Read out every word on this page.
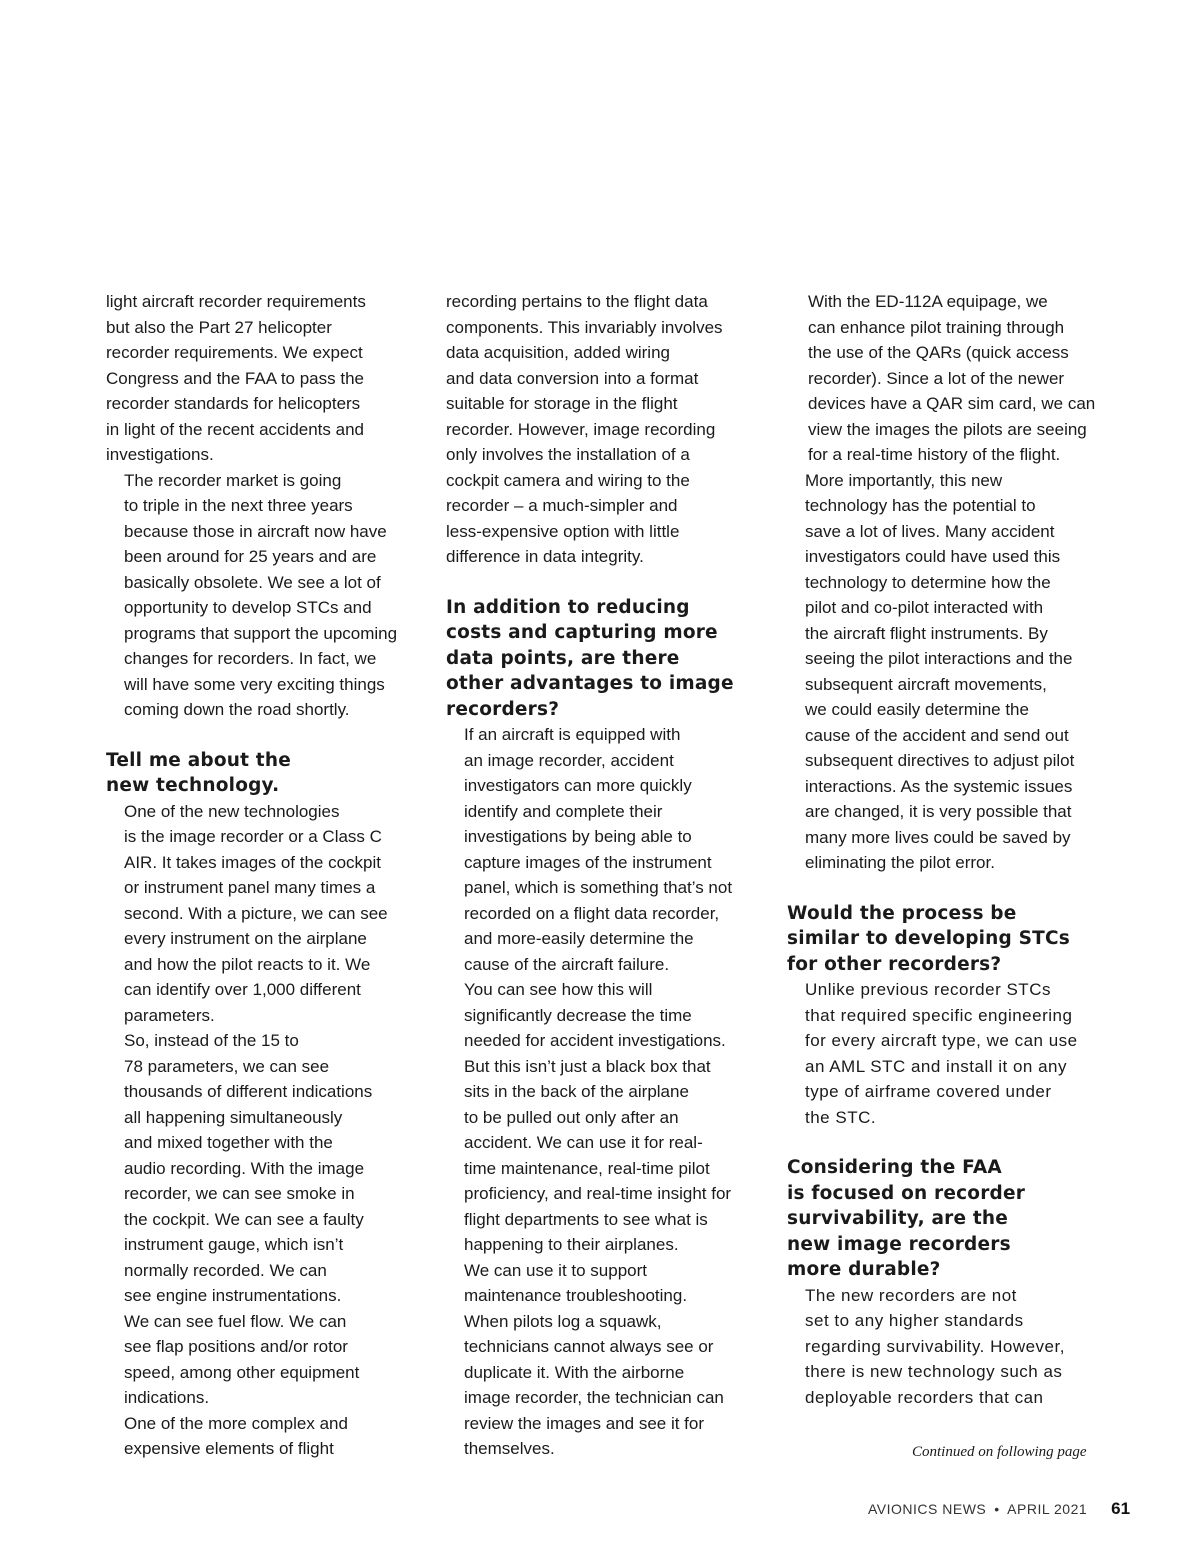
light aircraft recorder requirements
but also the Part 27 helicopter
recorder requirements. We expect
Congress and the FAA to pass the
recorder standards for helicopters
in light of the recent accidents and
investigations.

The recorder market is going
to triple in the next three years
because those in aircraft now have
been around for 25 years and are
basically obsolete. We see a lot of
opportunity to develop STCs and
programs that support the upcoming
changes for recorders. In fact, we
will have some very exciting things
coming down the road shortly.

Tell me about the
new technology.

One of the new technologies
is the image recorder or a Class C
AIR. It takes images of the cockpit
or instrument panel many times a
second. With a picture, we can see
every instrument on the airplane
and how the pilot reacts to it. We
can identify over 1,000 different
parameters.

So, instead of the 15 to
78 parameters, we can see
thousands of different indications
all happening simultaneously
and mixed together with the
audio recording. With the image
recorder, we can see smoke in
the cockpit. We can see a faulty
instrument gauge, which isn’t
normally recorded. We can
see engine instrumentations.
We can see fuel flow. We can
see flap positions and/or rotor
speed, among other equipment
indications.

One of the more complex and
expensive elements of flight

recording pertains to the flight data
components. This invariably involves
data acquisition, added wiring
and data conversion into a format
suitable for storage in the flight
recorder. However, image recording
only involves the installation of a
cockpit camera and wiring to the
recorder – a much-simpler and
less-expensive option with little
difference in data integrity.

In addition to reducing
costs and capturing more
data points, are there
other advantages to image
recorders?

If an aircraft is equipped with
an image recorder, accident
investigators can more quickly
identify and complete their
investigations by being able to
capture images of the instrument
panel, which is something that’s not
recorded on a flight data recorder,
and more-easily determine the
cause of the aircraft failure.

You can see how this will
significantly decrease the time
needed for accident investigations.
But this isn’t just a black box that
sits in the back of the airplane
to be pulled out only after an
accident. We can use it for real-
time maintenance, real-time pilot
proficiency, and real-time insight for
flight departments to see what is
happening to their airplanes.

We can use it to support
maintenance troubleshooting.
When pilots log a squawk,
technicians cannot always see or
duplicate it. With the airborne
image recorder, the technician can
review the images and see it for
themselves.

With the ED-112A equipage, we
can enhance pilot training through
the use of the QARs (quick access
recorder). Since a lot of the newer
devices have a QAR sim card, we can
view the images the pilots are seeing
for a real-time history of the flight.

More importantly, this new
technology has the potential to
save a lot of lives. Many accident
investigators could have used this
technology to determine how the
pilot and co-pilot interacted with
the aircraft flight instruments. By
seeing the pilot interactions and the
subsequent aircraft movements,
we could easily determine the
cause of the accident and send out
subsequent directives to adjust pilot
interactions. As the systemic issues
are changed, it is very possible that
many more lives could be saved by
eliminating the pilot error.

Would the process be
similar to developing STCs
for other recorders?

Unlike previous recorder STCs
that required specific engineering
for every aircraft type, we can use
an AML STC and install it on any
type of airframe covered under
the STC.

Considering the FAA
is focused on recorder
survivability, are the
new image recorders
more durable?

The new recorders are not
set to any higher standards
regarding survivability. However,
there is new technology such as
deployable recorders that can

Continued on following page
AVIONICS NEWS • APRIL 2021 61
